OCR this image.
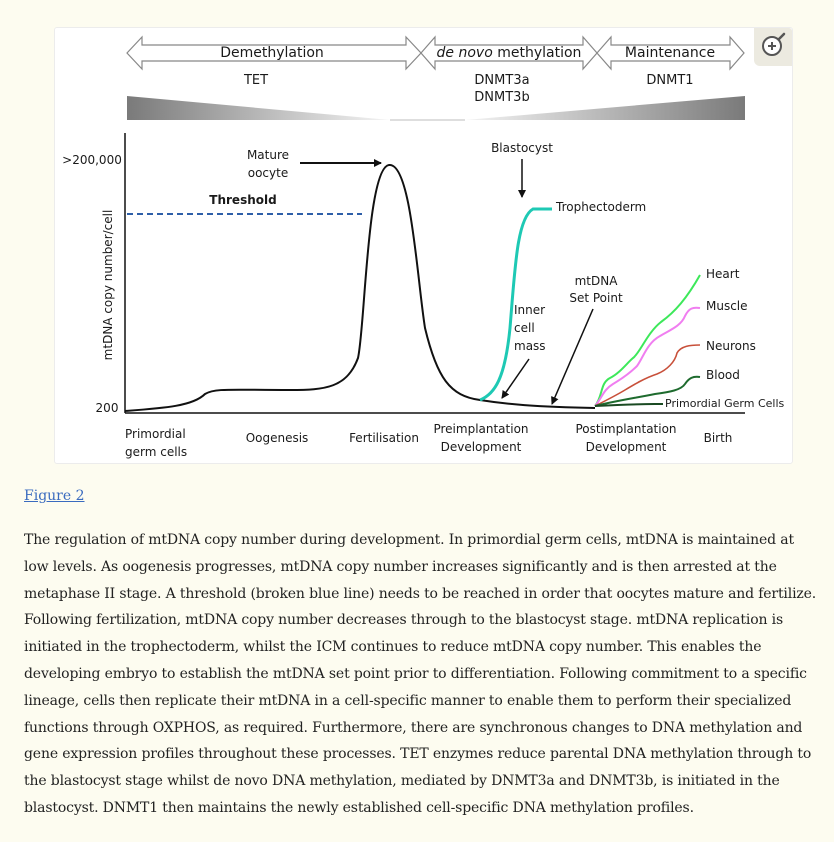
Demethylation
TET
de novo methylation
DNMT3a
DNMT3b
Maintenance
DNMT1
mtDNA copy number/cell
>200,000
200
Threshold
Mature
oocyte
Blastocyst
Trophectoderm
Inner
cell
mass
mtDNA
Set Point
Heart
Muscle
Neurons
Blood
Primordial Germ Cells
Primordial
germ cells
Oogenesis	Fertilisation
Preimplantation
Development
Postimplantation
Development
Birth
Figure 2

The regulation of mtDNA copy number during development. In primordial germ cells, mtDNA is maintained at low levels. As oogenesis progresses, mtDNA copy number increases significantly and is then arrested at the metaphase II stage. A threshold (broken blue line) needs to be reached in order that oocytes mature and fertilize. Following fertilization, mtDNA copy number decreases through to the blastocyst stage. mtDNA replication is initiated in the trophectoderm, whilst the ICM continues to reduce mtDNA copy number. This enables the developing embryo to establish the mtDNA set point prior to differentiation. Following commitment to a specific lineage, cells then replicate their mtDNA in a cell-specific manner to enable them to perform their specialized functions through OXPHOS, as required. Furthermore, there are synchronous changes to DNA methylation and gene expression profiles throughout these processes. TET enzymes reduce parental DNA methylation through to the blastocyst stage whilst de novo DNA methylation, mediated by DNMT3a and DNMT3b, is initiated in the blastocyst. DNMT1 then maintains the newly established cell-specific DNA methylation profiles.
